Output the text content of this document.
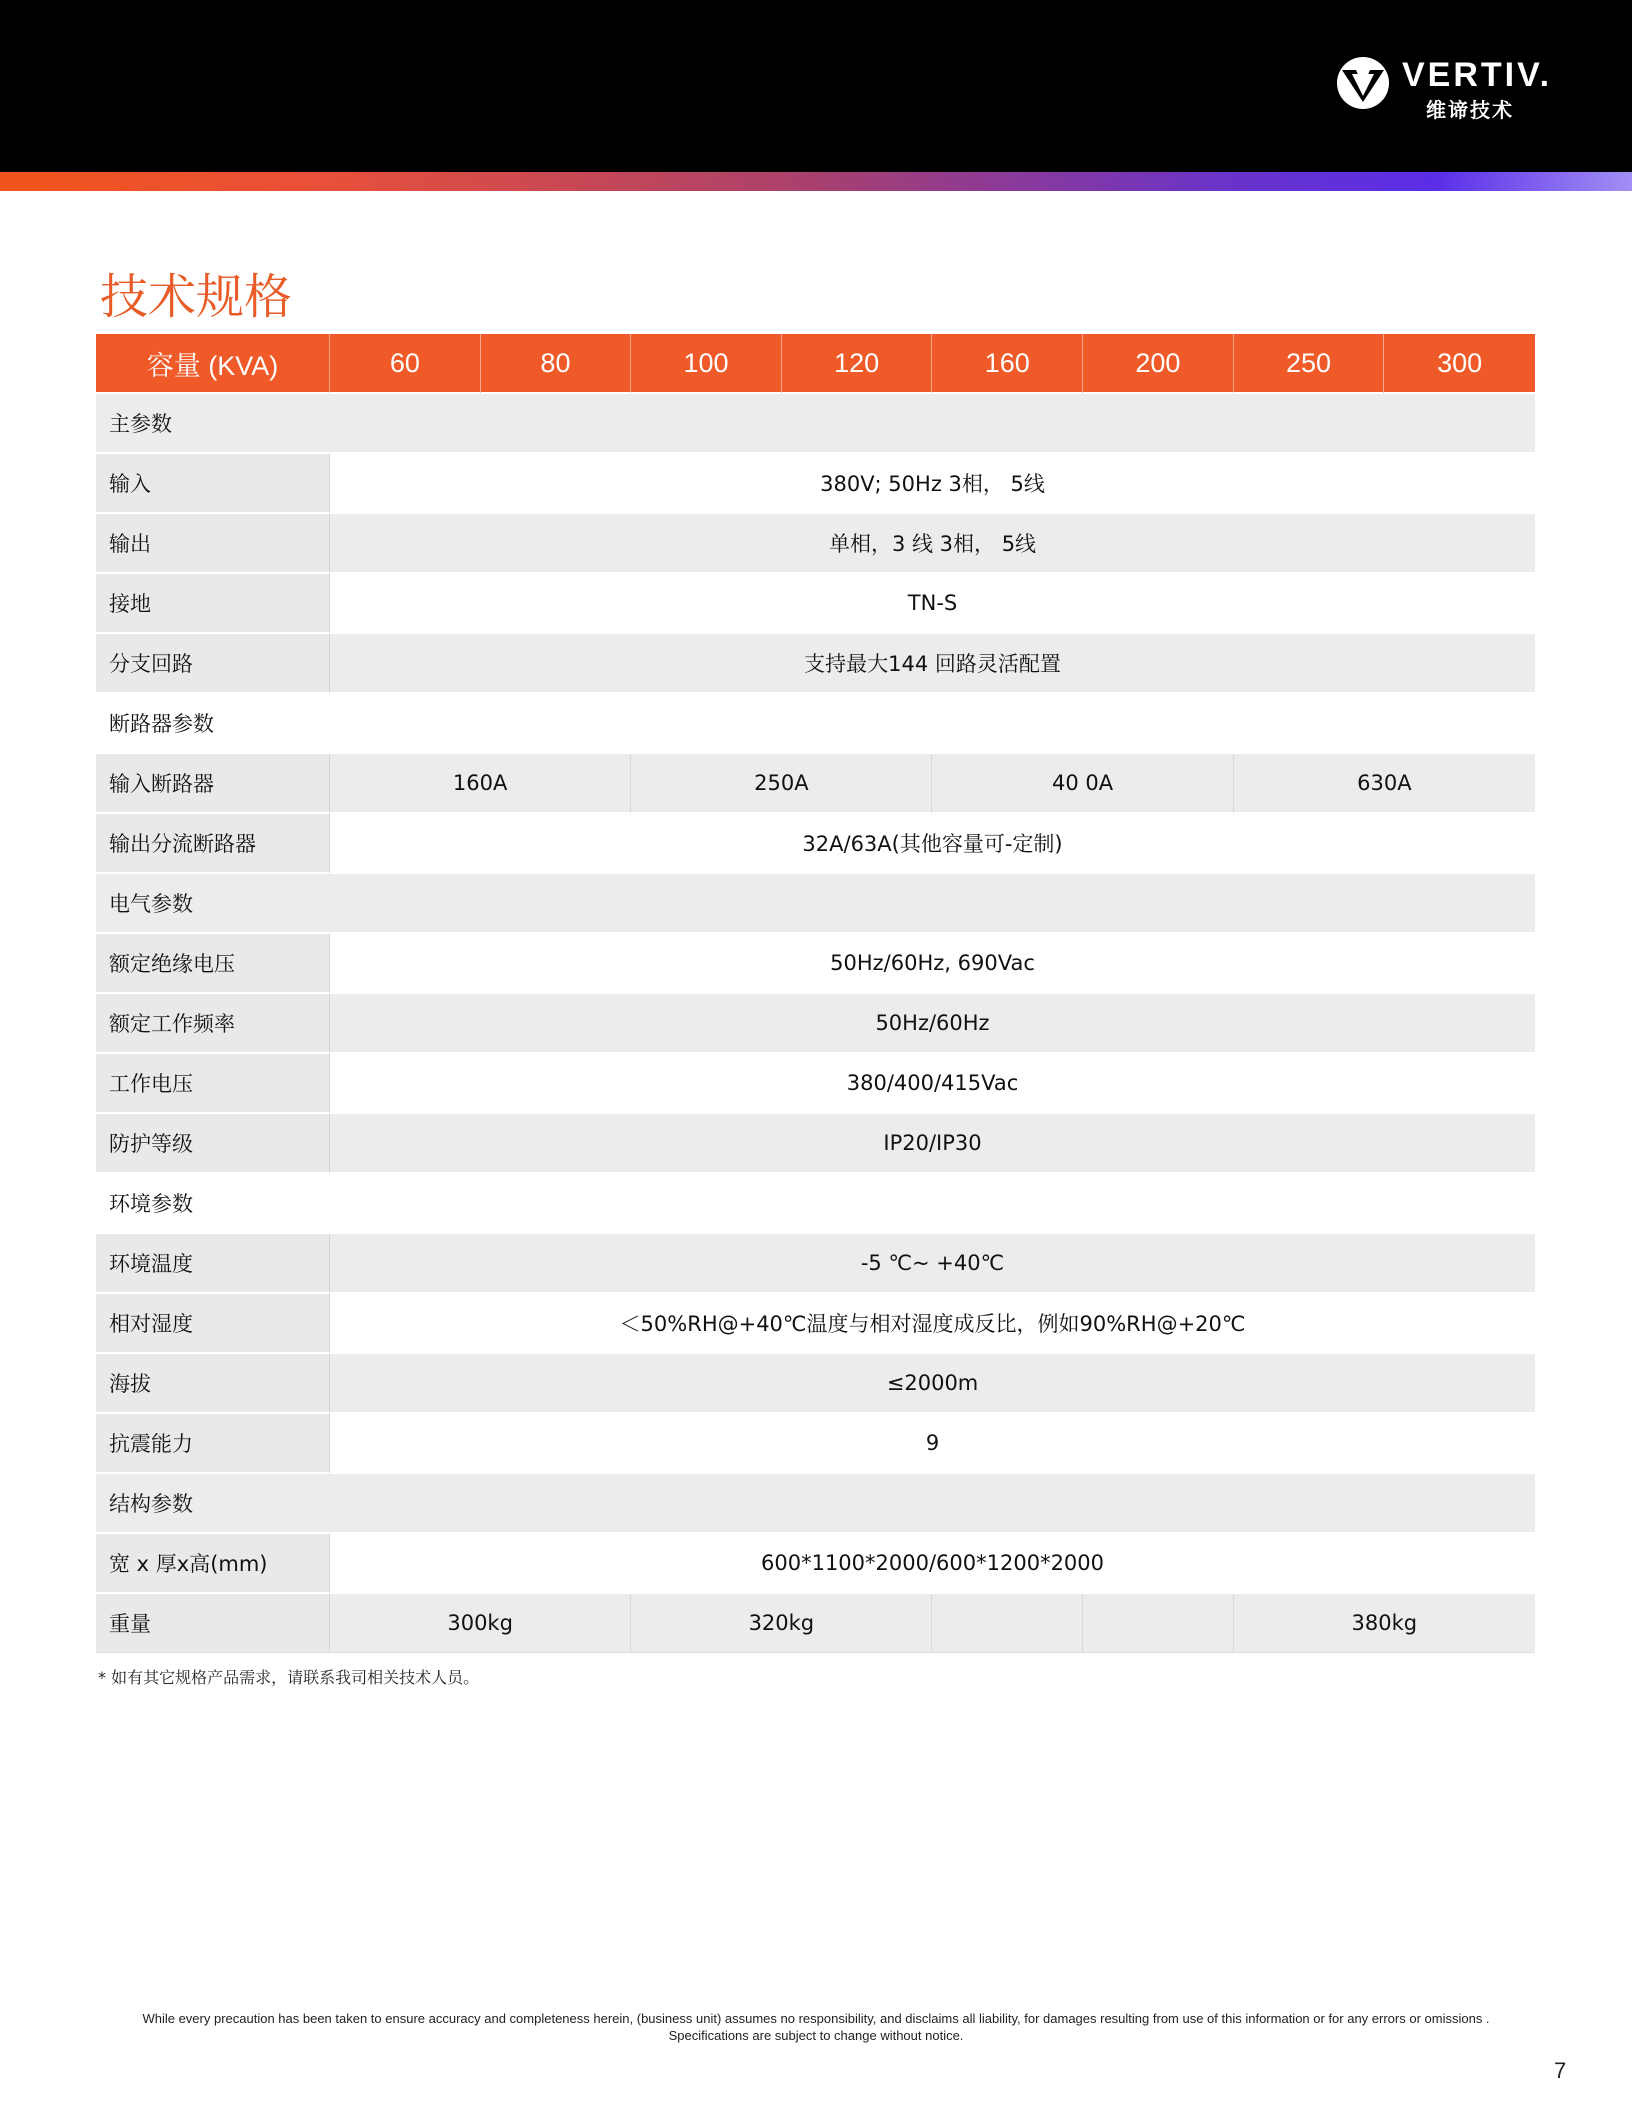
VERTIV.
维谛技术
技术规格
容量 (KVA)	60	80	100	120	160	200	250	300
主参数								
输入	380V; 50Hz 3相， 5线							
输出	单相，3 线 3相， 5线							
接地	TN-S							
分支回路	支持最大144 回路灵活配置							
断路器参数								
输入断路器	160A		250A		40 0A		630A	
输出分流断路器	32A/63A(其他容量可-定制)							
电气参数								
额定绝缘电压	50Hz/60Hz, 690Vac							
额定工作频率	50Hz/60Hz							
工作电压	380/400/415Vac							
防护等级	IP20/IP30							
环境参数								
环境温度	-5 ℃~ +40℃							
相对湿度	＜50%RH@+40℃温度与相对湿度成反比，例如90%RH@+20℃							
海拔	≤2000m							
抗震能力	9							
结构参数								
宽 x 厚x高(mm)	600*1100*2000/600*1200*2000							
重量	300kg		320kg				380kg	
* 如有其它规格产品需求，请联系我司相关技术人员。
While every precaution has been taken to ensure accuracy and completeness herein, (business unit) assumes no responsibility, and disclaims all liability, for damages resulting from use of this information or for any errors or omissions .
Specifications are subject to change without notice.
7
